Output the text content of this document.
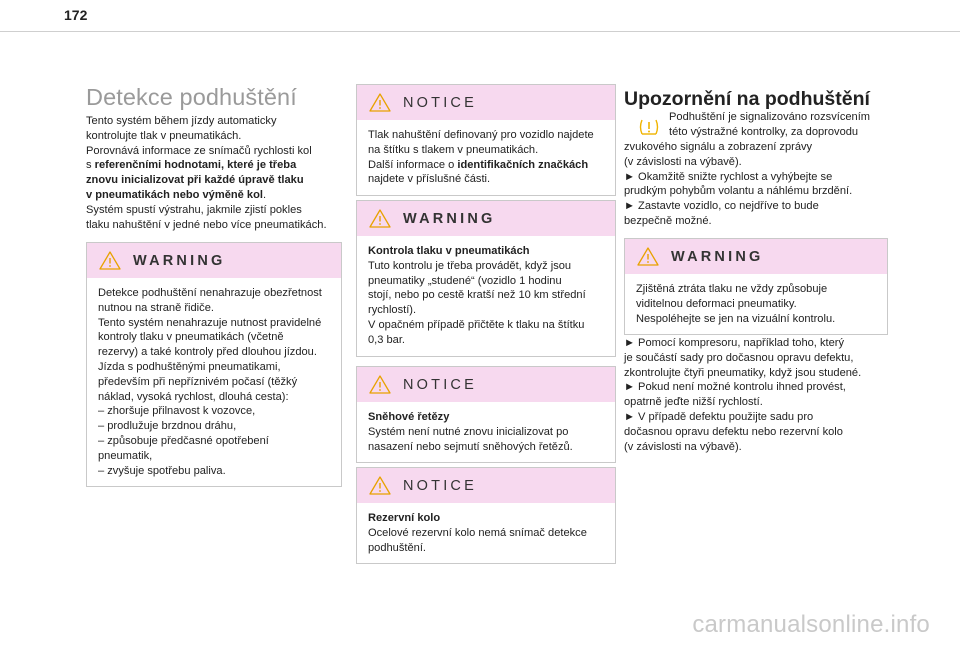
172
Detekce podhuštění

Tento systém během jízdy automaticky

kontrolujte tlak v pneumatikách.

Porovnává informace ze snímačů rychlosti kol

s referenčními hodnotami, které je třeba

znovu inicializovat při každé úpravě tlaku

v pneumatikách nebo výměně kol.

Systém spustí výstrahu, jakmile zjistí pokles

tlaku nahuštění v jedné nebo více pneumatikách.

WARNING

Detekce podhuštění nenahrazuje obezřetnost

nutnou na straně řidiče.

Tento systém nenahrazuje nutnost pravidelné

kontroly tlaku v pneumatikách (včetně

rezervy) a také kontroly před dlouhou jízdou.

Jízda s podhuštěnými pneumatikami,

především při nepříznivém počasí (těžký

náklad, vysoká rychlost, dlouhá cesta):

– zhoršuje přilnavost k vozovce,

– prodlužuje brzdnou dráhu,

– způsobuje předčasné opotřebení

pneumatik,

– zvyšuje spotřebu paliva.

NOTICE

Tlak nahuštění definovaný pro vozidlo najdete

na štítku s tlakem v pneumatikách.

Další informace o identifikačních značkách

najdete v příslušné části.

WARNING

Kontrola tlaku v pneumatikách

Tuto kontrolu je třeba provádět, když jsou

pneumatiky „studené“ (vozidlo 1 hodinu

stojí, nebo po cestě kratší než 10 km střední

rychlostí).

V opačném případě přičtěte k tlaku na štítku

0,3 bar.

NOTICE

Sněhové řetězy

Systém není nutné znovu inicializovat po

nasazení nebo sejmutí sněhových řetězů.

NOTICE

Rezervní kolo

Ocelové rezervní kolo nemá snímač detekce

podhuštění.

Upozornění na podhuštění

Podhuštění je signalizováno rozsvícením

této výstražné kontrolky, za doprovodu

zvukového signálu a zobrazení zprávy

(v závislosti na výbavě).

► Okamžitě snižte rychlost a vyhýbejte se

prudkým pohybům volantu a náhlému brzdění.

► Zastavte vozidlo, co nejdříve to bude

bezpečně možné.

WARNING

Zjištěná ztráta tlaku ne vždy způsobuje

viditelnou deformaci pneumatiky.

Nespoléhejte se jen na vizuální kontrolu.

► Pomocí kompresoru, například toho, který

je součástí sady pro dočasnou opravu defektu,

zkontrolujte čtyři pneumatiky, když jsou studené.

► Pokud není možné kontrolu ihned provést,

opatrně jeďte nižší rychlostí.

► V případě defektu použijte sadu pro

dočasnou opravu defektu nebo rezervní kolo

(v závislosti na výbavě).

carmanualsonline.info
